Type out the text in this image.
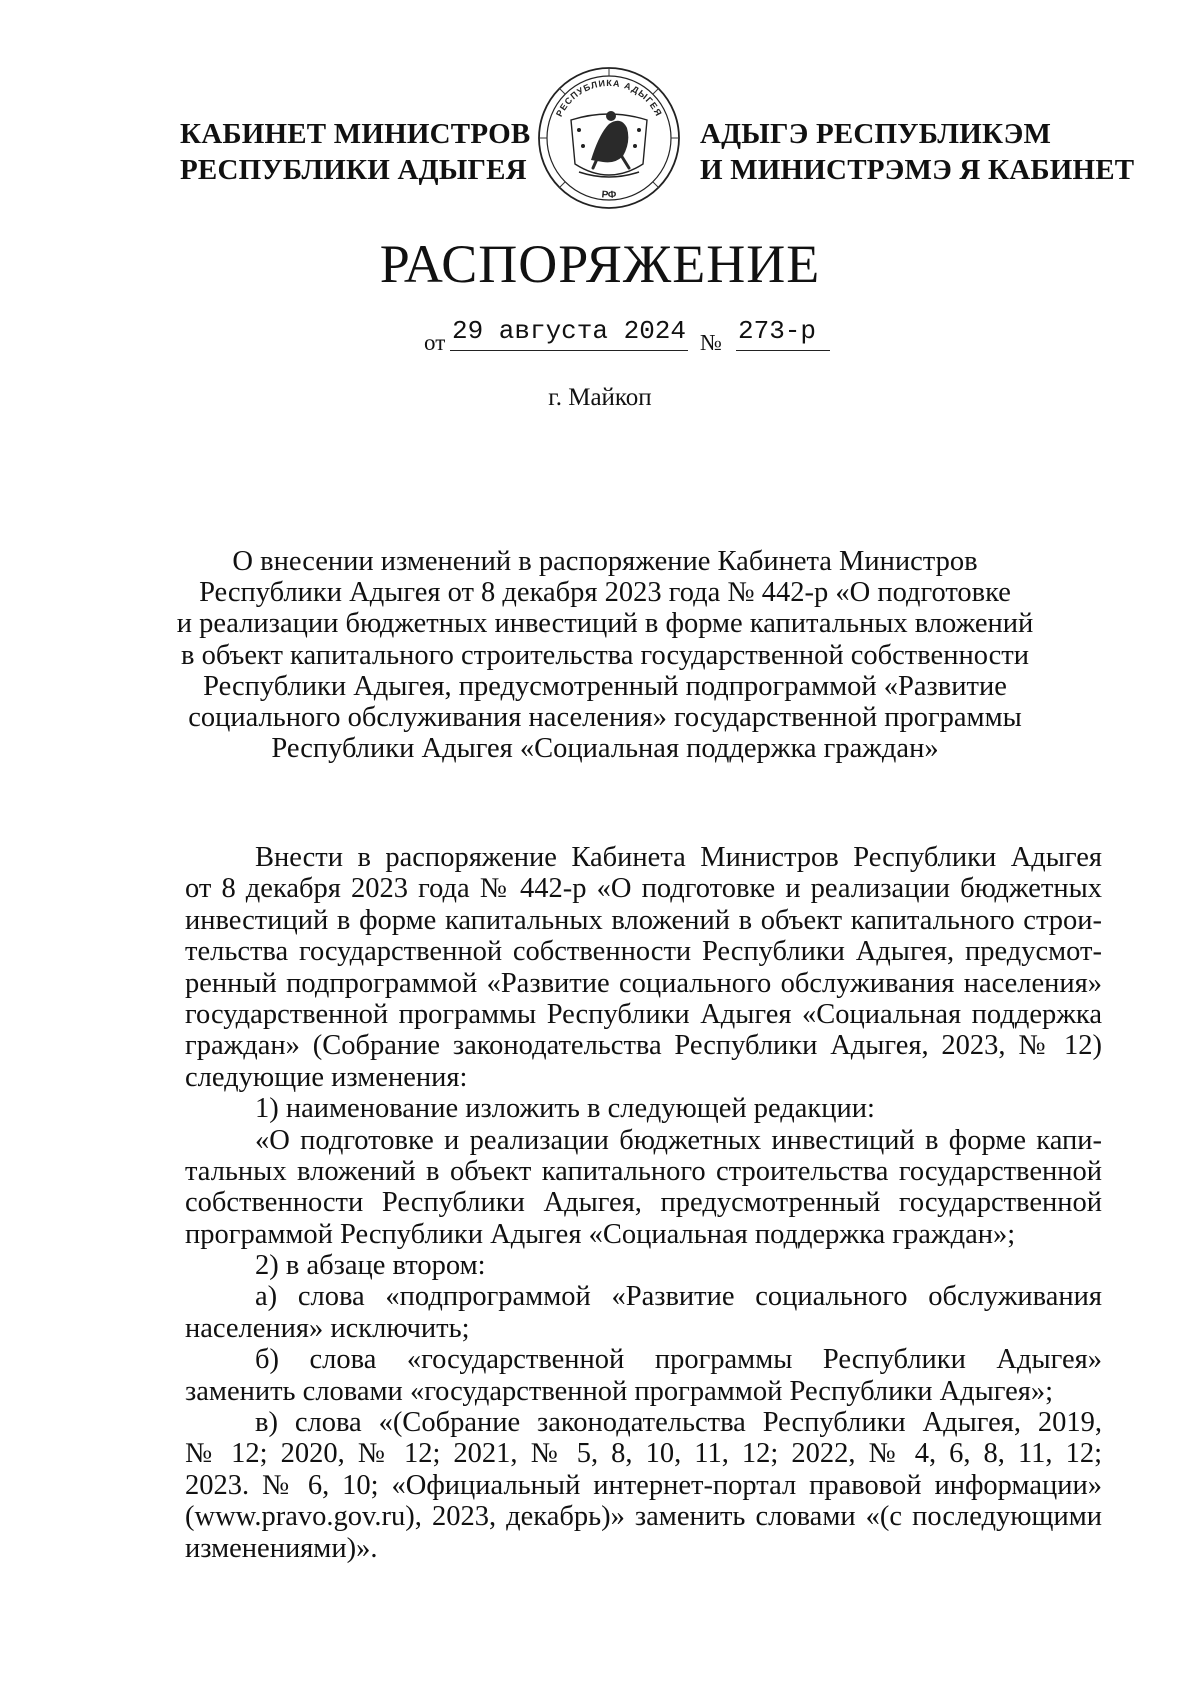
КАБИНЕТ МИНИСТРОВ
РЕСПУБЛИКИ АДЫГЕЯ
РЕСПУБЛИКА АДЫГЕЯ
РФ
АДЫГЭ РЕСПУБЛИКЭМ
И МИНИСТРЭМЭ Я КАБИНЕТ
РАСПОРЯЖЕНИЕ
от 29 августа 2024 № 273-р
г. Майкоп
О внесении изменений в распоряжение Кабинета Министров
Республики Адыгея от 8 декабря 2023 года № 442-р «О подготовке
и реализации бюджетных инвестиций в форме капитальных вложений
в объект капитального строительства государственной собственности
Республики Адыгея, предусмотренный подпрограммой «Развитие
социального обслуживания населения» государственной программы
Республики Адыгея «Социальная поддержка граждан»
Внести в распоряжение Кабинета Министров Республики Адыгея
от 8 декабря 2023 года № 442-р «О подготовке и реализации бюджетных
инвестиций в форме капитальных вложений в объект капитального строи-
тельства государственной собственности Республики Адыгея, предусмот-
ренный подпрограммой «Развитие социального обслуживания населения»
государственной программы Республики Адыгея «Социальная поддержка
граждан» (Собрание законодательства Республики Адыгея, 2023, № 12)
следующие изменения:
1) наименование изложить в следующей редакции:
«О подготовке и реализации бюджетных инвестиций в форме капи-
тальных вложений в объект капитального строительства государственной
собственности Республики Адыгея, предусмотренный государственной
программой Республики Адыгея «Социальная поддержка граждан»;
2) в абзаце втором:
а) слова «подпрограммой «Развитие социального обслуживания
населения» исключить;
б) слова «государственной программы Республики Адыгея»
заменить словами «государственной программой Республики Адыгея»;
в) слова «(Собрание законодательства Республики Адыгея, 2019,
№ 12; 2020, № 12; 2021, № 5, 8, 10, 11, 12; 2022, № 4, 6, 8, 11, 12;
2023. № 6, 10; «Официальный интернет-портал правовой информации»
(www.pravo.gov.ru), 2023, декабрь)» заменить словами «(с последующими
изменениями)».
